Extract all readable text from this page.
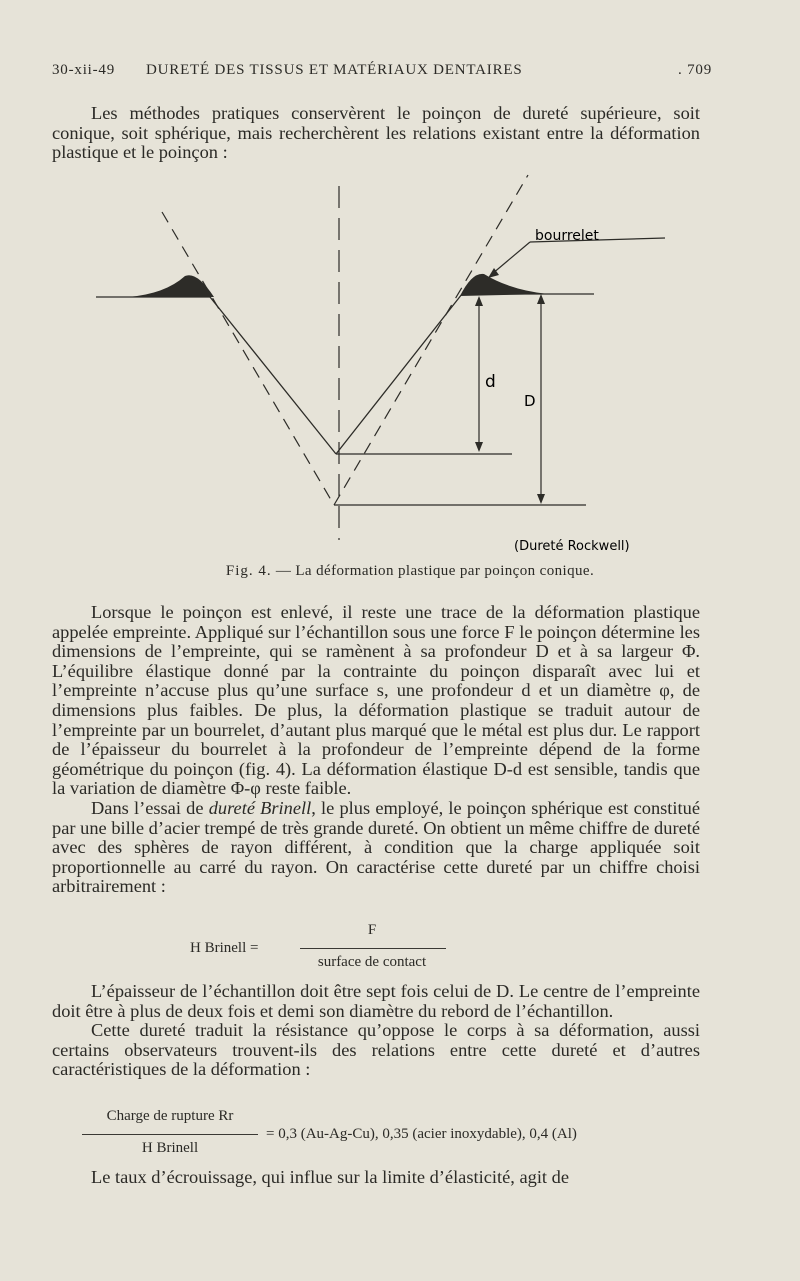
30-xii-49 DURETÉ DES TISSUS ET MATÉRIAUX DENTAIRES	. 709

Les méthodes pratiques conservèrent le poinçon de dureté supérieure, soit conique, soit sphérique, mais recherchèrent les relations existant entre la déformation plastique et le poinçon :

bourrelet
d
D
(Dureté Rockwell)
Fig. 4. — La déformation plastique par poinçon conique.

Lorsque le poinçon est enlevé, il reste une trace de la déformation plastique appelée empreinte. Appliqué sur l’échantillon sous une force F le poinçon détermine les dimensions de l’empreinte, qui se ramènent à sa profondeur D et à sa largeur Φ. L’équilibre élastique donné par la contrainte du poinçon disparaît avec lui et l’empreinte n’accuse plus qu’une surface s, une profondeur d et un diamètre φ, de dimensions plus faibles. De plus, la déformation plastique se traduit autour de l’empreinte par un bourrelet, d’autant plus marqué que le métal est plus dur. Le rapport de l’épaisseur du bourrelet à la profondeur de l’empreinte dépend de la forme géométrique du poinçon (fig. 4). La déformation élastique D-d est sensible, tandis que la variation de diamètre Φ-φ reste faible.

Dans l’essai de dureté Brinell, le plus employé, le poinçon sphérique est constitué par une bille d’acier trempé de très grande dureté. On obtient un même chiffre de dureté avec des sphères de rayon différent, à condition que la charge appliquée soit proportionnelle au carré du rayon. On caractérise cette dureté par un chiffre choisi arbitrairement :

H Brinell =
F
surface de contact

L’épaisseur de l’échantillon doit être sept fois celui de D. Le centre de l’empreinte doit être à plus de deux fois et demi son diamètre du rebord de l’échantillon.

Cette dureté traduit la résistance qu’oppose le corps à sa déformation, aussi certains observateurs trouvent-ils des relations entre cette dureté et d’autres caractéristiques de la déformation :

Charge de rupture Rr
H Brinell
= 0,3 (Au-Ag-Cu), 0,35 (acier inoxydable), 0,4 (Al)

Le taux d’écrouissage, qui influe sur la limite d’élasticité, agit de
